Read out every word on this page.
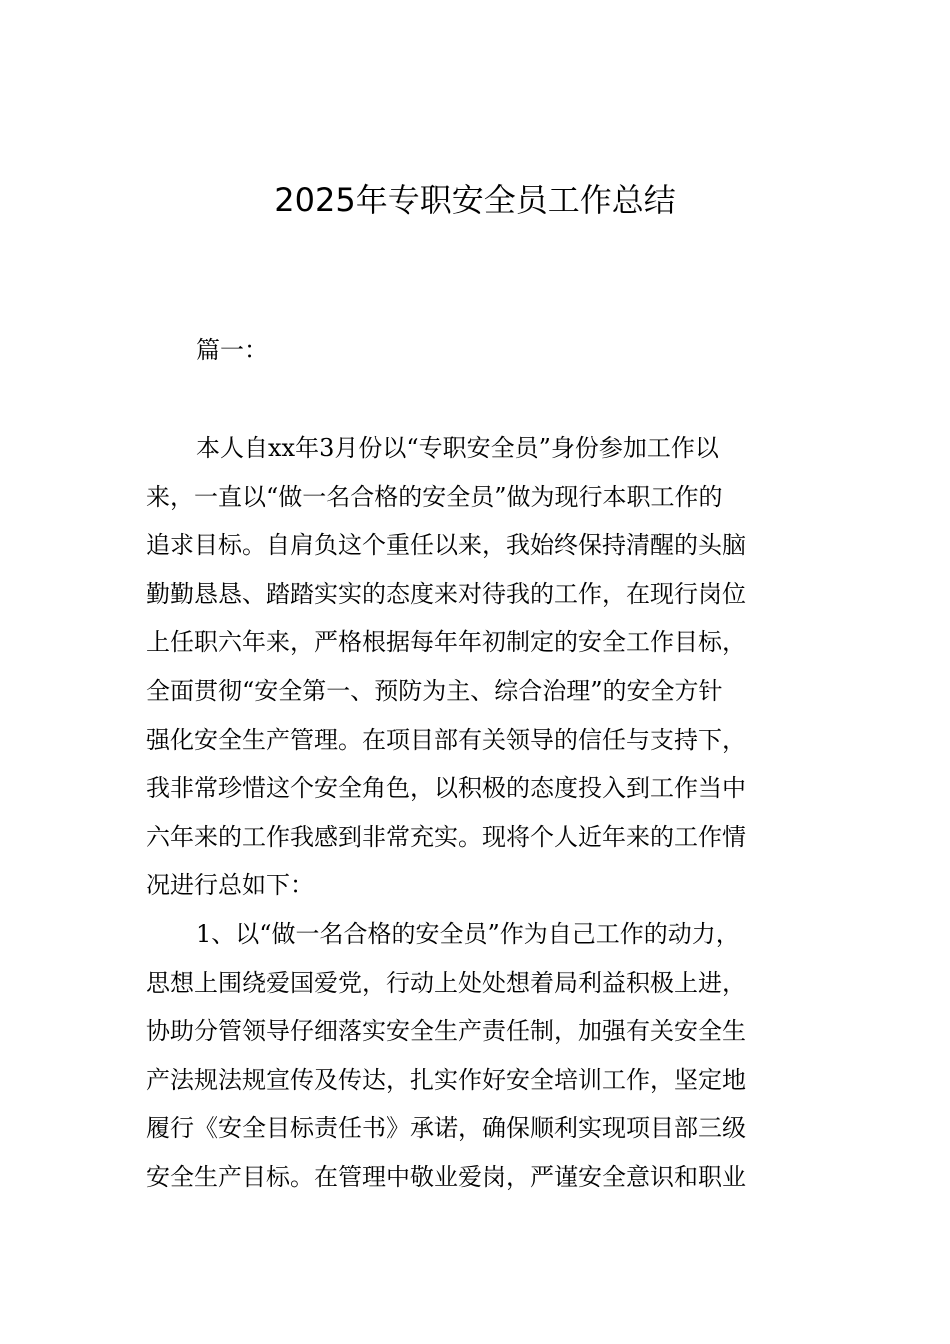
2025年专职安全员工作总结
篇一：
本人自xx年3月份以“专职安全员”身份参加工作以
来，一直以“做一名合格的安全员”做为现行本职工作的
追求目标。自肩负这个重任以来，我始终保持清醒的头脑
勤勤恳恳、踏踏实实的态度来对待我的工作，在现行岗位
上任职六年来，严格根据每年年初制定的安全工作目标，
全面贯彻“安全第一、预防为主、综合治理”的安全方针
强化安全生产管理。在项目部有关领导的信任与支持下，
我非常珍惜这个安全角色，以积极的态度投入到工作当中
六年来的工作我感到非常充实。现将个人近年来的工作情
况进行总如下：
1、以“做一名合格的安全员”作为自己工作的动力，
思想上围绕爱国爱党，行动上处处想着局利益积极上进，
协助分管领导仔细落实安全生产责任制，加强有关安全生
产法规法规宣传及传达，扎实作好安全培训工作，坚定地
履行《安全目标责任书》承诺，确保顺利实现项目部三级
安全生产目标。在管理中敬业爱岗，严谨安全意识和职业
